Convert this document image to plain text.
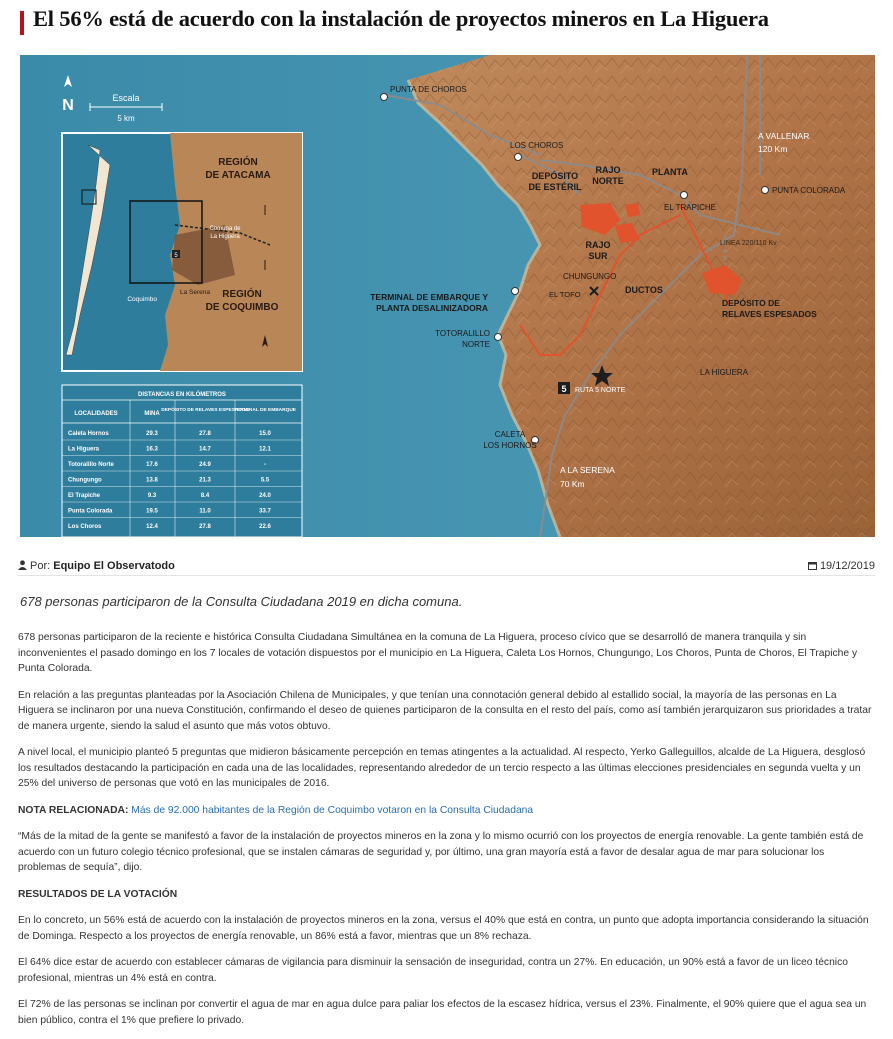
El 56% está de acuerdo con la instalación de proyectos mineros en La Higuera
N	Escala
5 km
REGIÓN
DE ATACAMA
REGIÓN
DE COQUIMBO
Comuna de
La Higuera
Coquimbo
La Serena
5
DISTANCIAS EN KILÓMETROS
LOCALIDADES	MINA
DEPÓSITO DE RELAVES ESPESADOS
TERMINAL DE EMBARQUE
Caleta Hornos	29.3	27.8	15.0
La Higuera	16.3	14.7	12.1
Totoralillo Norte	17.6	24.9	-
Chungungo	13.8	21.3	5.5
El Trapiche	9.3	8.4	24.0
Punta Colorada	19.5	11.0	33.7
Los Choros	12.4	27.8	22.6
5
PUNTA DE CHOROS
LOS CHOROS
DEPÓSITO
DE ESTÉRIL
RAJO
NORTE
PLANTA
A VALLENAR
120 Km
PUNTA COLORADA
EL TRAPICHE
LINEA 220/110 Kv
RAJO
SUR
CHUNGUNGO
EL TOFO	DUCTOS
TERMINAL DE EMBARQUE Y
PLANTA DESALINIZADORA	DEPÓSITO DE
RELAVES ESPESADOS
TOTORALILLO
NORTE
LA HIGUERA
RUTA 5 NORTE
CALETA
LOS HORNOS
A LA SERENA
70 Km
Por: Equipo El Observatodo	19/12/2019

678 personas participaron de la Consulta Ciudadana 2019 en dicha comuna.

678 personas participaron de la reciente e histórica Consulta Ciudadana Simultánea en la comuna de La Higuera, proceso cívico que se desarrolló de manera tranquila y sin inconvenientes el pasado domingo en los 7 locales de votación dispuestos por el municipio en La Higuera, Caleta Los Hornos, Chungungo, Los Choros, Punta de Choros, El Trapiche y Punta Colorada.

En relación a las preguntas planteadas por la Asociación Chilena de Municipales, y que tenían una connotación general debido al estallido social, la mayoría de las personas en La Higuera se inclinaron por una nueva Constitución, confirmando el deseo de quienes participaron de la consulta en el resto del país, como así también jerarquizaron sus prioridades a tratar de manera urgente, siendo la salud el asunto que más votos obtuvo.

A nivel local, el municipio planteó 5 preguntas que midieron básicamente percepción en temas atingentes a la actualidad. Al respecto, Yerko Galleguillos, alcalde de La Higuera, desglosó los resultados destacando la participación en cada una de las localidades, representando alrededor de un tercio respecto a las últimas elecciones presidenciales en segunda vuelta y un 25% del universo de personas que votó en las municipales de 2016.

NOTA RELACIONADA: Más de 92.000 habitantes de la Región de Coquimbo votaron en la Consulta Ciudadana

“Más de la mitad de la gente se manifestó a favor de la instalación de proyectos mineros en la zona y lo mismo ocurrió con los proyectos de energía renovable. La gente también está de acuerdo con un futuro colegio técnico profesional, que se instalen cámaras de seguridad y, por último, una gran mayoría está a favor de desalar agua de mar para solucionar los problemas de sequía”, dijo.

RESULTADOS DE LA VOTACIÓN

En lo concreto, un 56% está de acuerdo con la instalación de proyectos mineros en la zona, versus el 40% que está en contra, un punto que adopta importancia considerando la situación de Dominga. Respecto a los proyectos de energía renovable, un 86% está a favor, mientras que un 8% rechaza.

El 64% dice estar de acuerdo con establecer cámaras de vigilancia para disminuir la sensación de inseguridad, contra un 27%. En educación, un 90% está a favor de un liceo técnico profesional, mientras un 4% está en contra.

El 72% de las personas se inclinan por convertir el agua de mar en agua dulce para paliar los efectos de la escasez hídrica, versus el 23%. Finalmente, el 90% quiere que el agua sea un bien público, contra el 1% que prefiere lo privado.
